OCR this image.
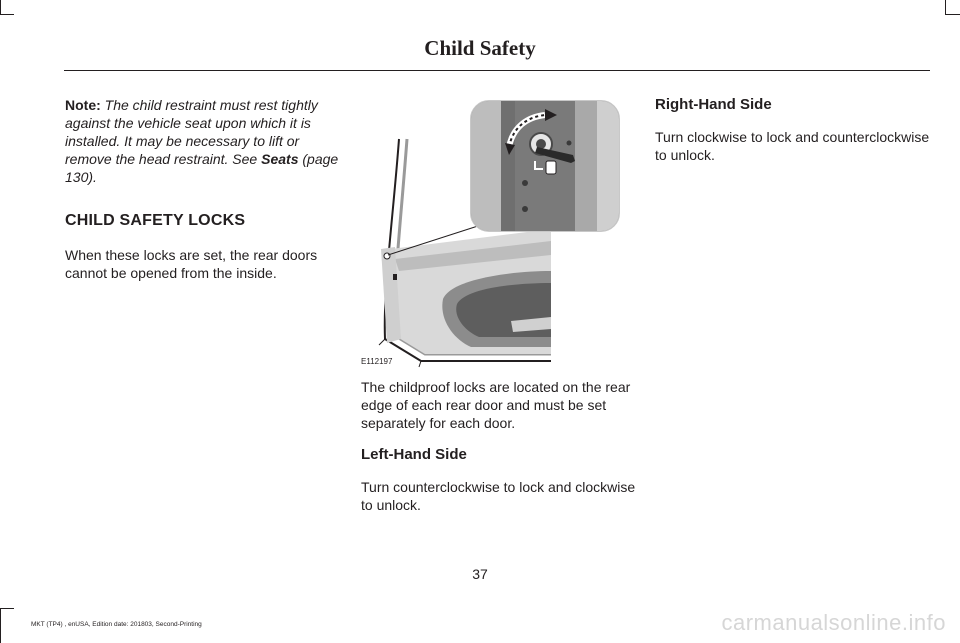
Child Safety

Note: The child restraint must rest tightly against the vehicle seat upon which it is installed. It may be necessary to lift or remove the head restraint. See Seats (page 130).

CHILD SAFETY LOCKS

When these locks are set, the rear doors cannot be opened from the inside.

E112197

The childproof locks are located on the rear edge of each rear door and must be set separately for each door.

Left-Hand Side

Turn counterclockwise to lock and clockwise to unlock.

Right-Hand Side

Turn clockwise to lock and counterclockwise to unlock.

37
MKT (TP4) , enUSA, Edition date: 201803, Second-Printing	carmanualsonline.info
